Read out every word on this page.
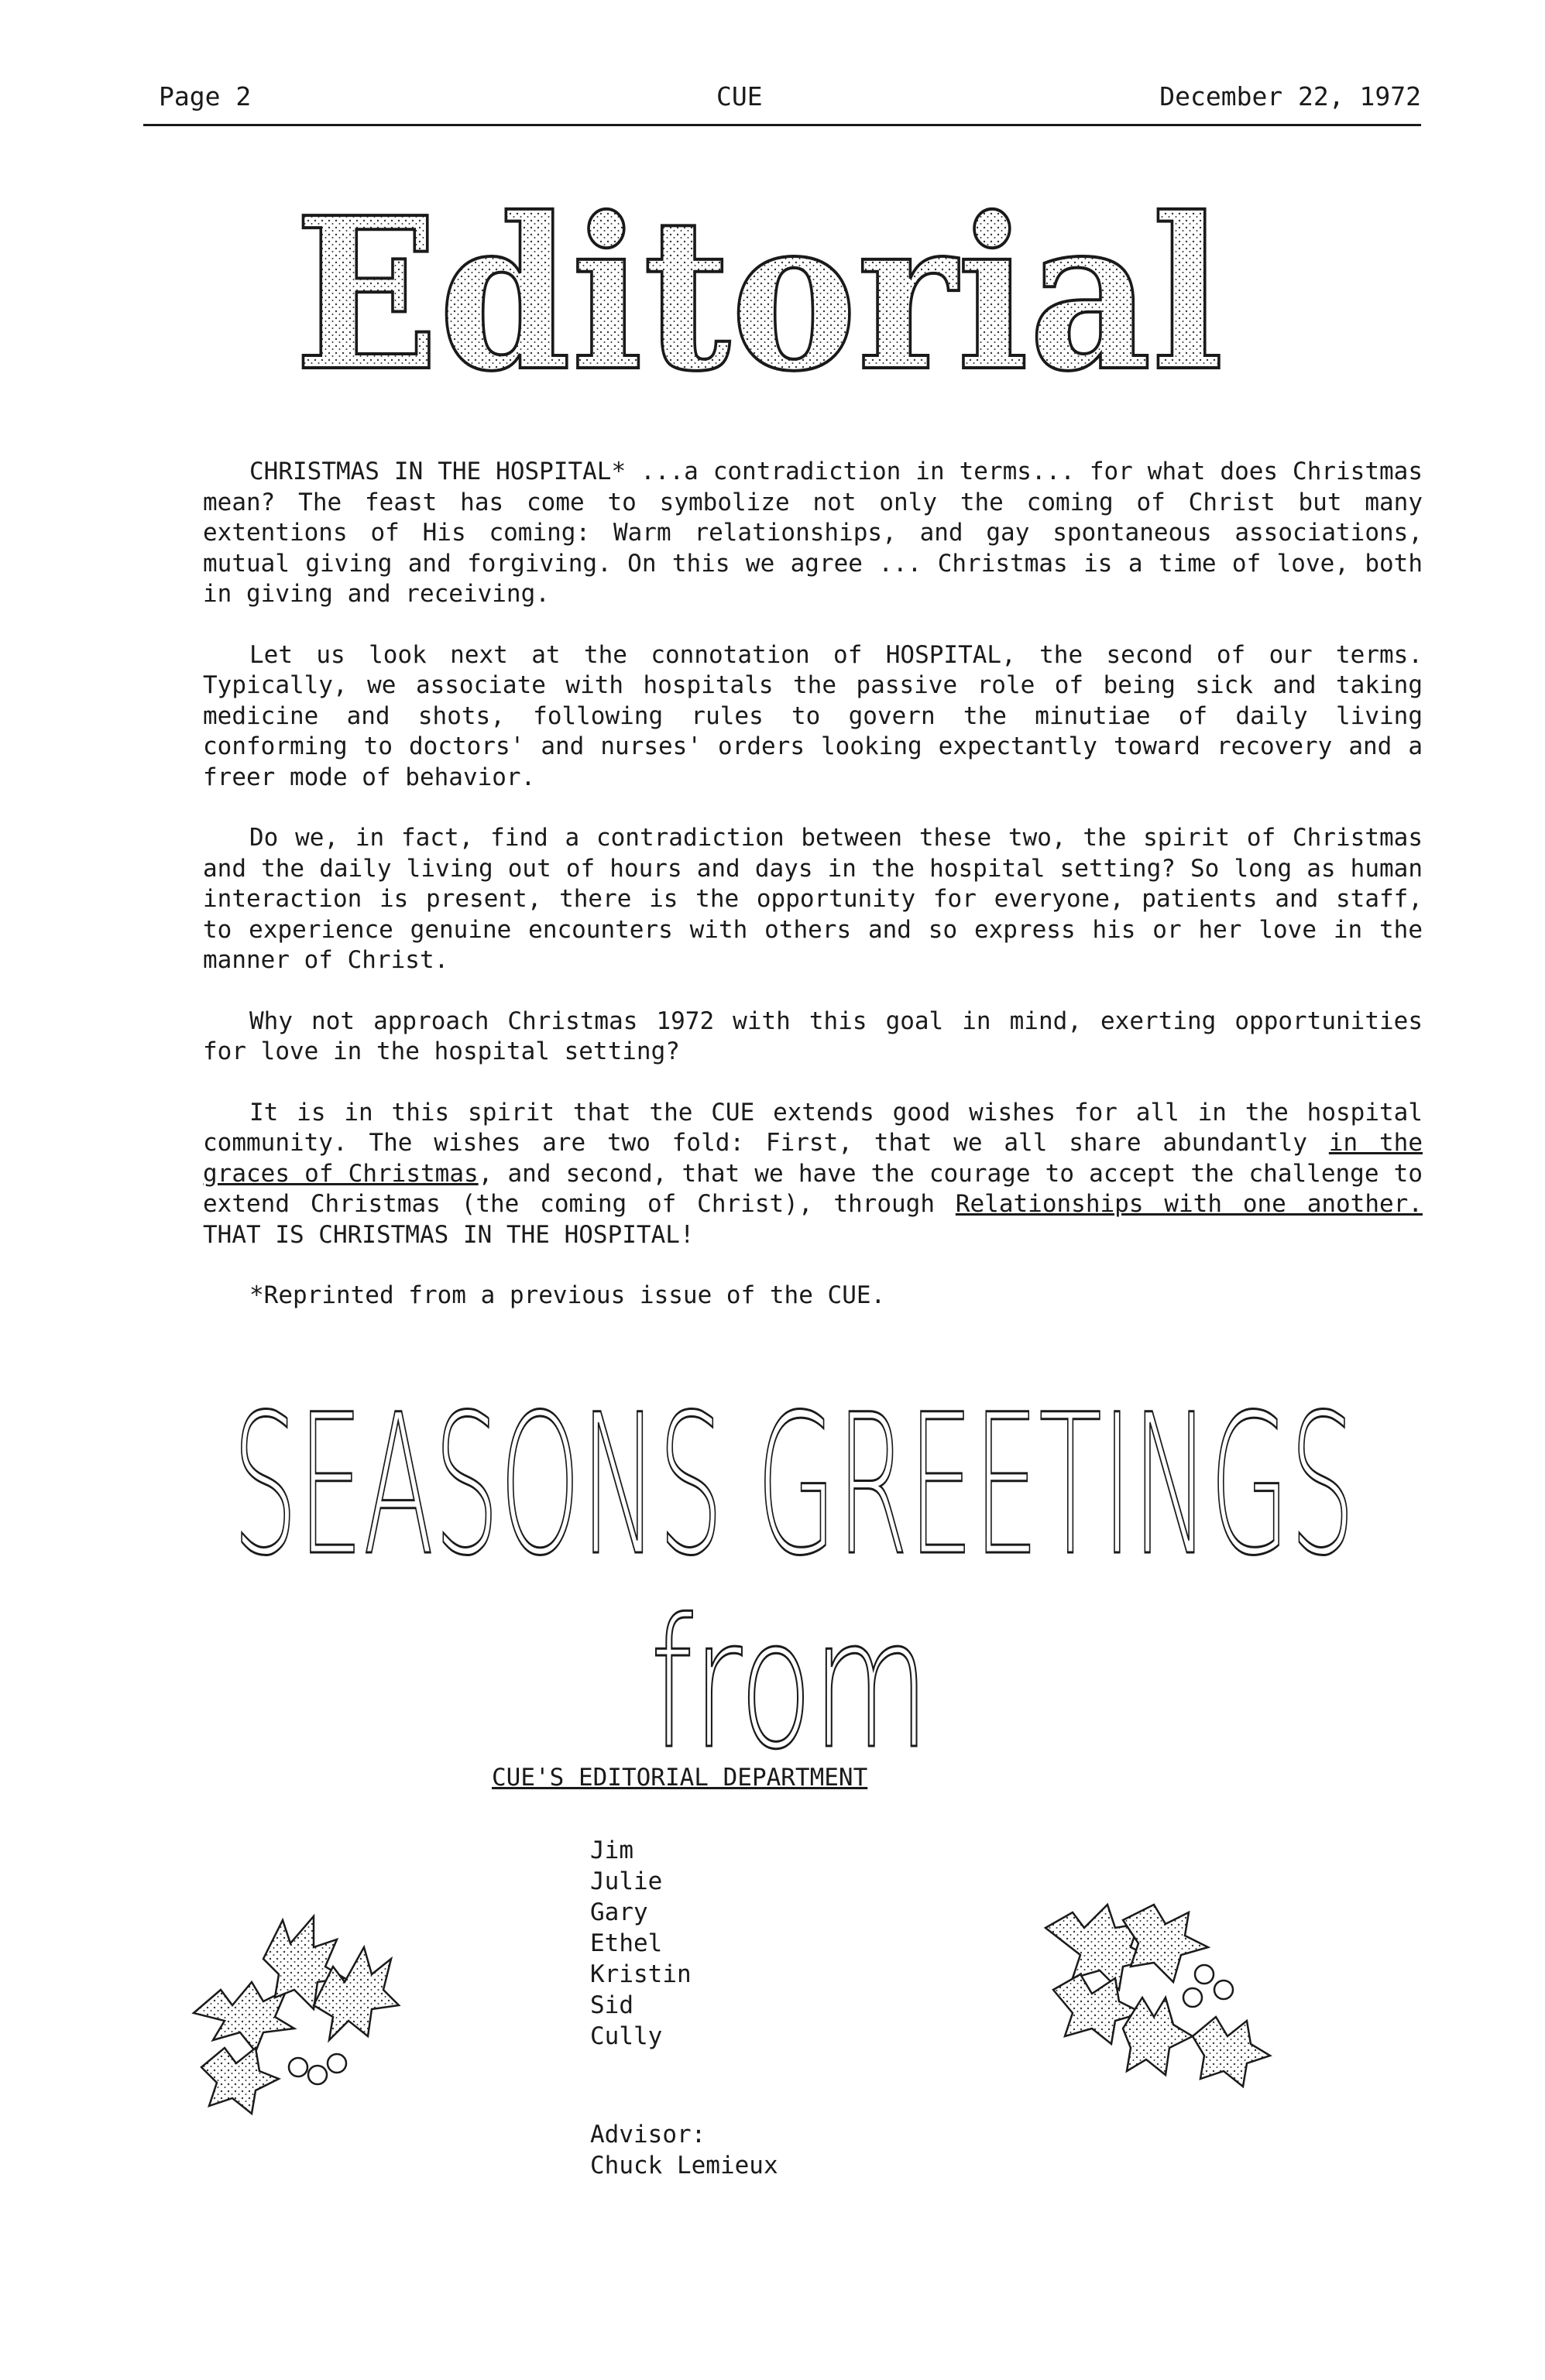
Page 2	CUE	December 22, 1972
Editorial

CHRISTMAS IN THE HOSPITAL* ...a contradiction in terms... for what does Christmas mean? The feast has come to symbolize not only the coming of Christ but many extentions of His coming: Warm relationships, and gay spontaneous associations, mutual giving and forgiving. On this we agree ... Christmas is a time of love, both in giving and receiving.

Let us look next at the connotation of HOSPITAL, the second of our terms. Typically, we associate with hospitals the passive role of being sick and taking medicine and shots, following rules to govern the minutiae of daily living conforming to doctors' and nurses' orders looking expectantly toward recovery and a freer mode of behavior.

Do we, in fact, find a contradiction between these two, the spirit of Christmas and the daily living out of hours and days in the hospital setting? So long as human interaction is present, there is the opportunity for everyone, patients and staff, to experience genuine encounters with others and so express his or her love in the manner of Christ.

Why not approach Christmas 1972 with this goal in mind, exerting opportunities for love in the hospital setting?

It is in this spirit that the CUE extends good wishes for all in the hospital community. The wishes are two fold: First, that we all share abundantly in the graces of Christmas, and second, that we have the courage to accept the challenge to extend Christmas (the coming of Christ), through Relationships with one another. THAT IS CHRISTMAS IN THE HOSPITAL!

*Reprinted from a previous issue of the CUE.

SEASONS GREETINGS
from
CUE'S EDITORIAL DEPARTMENT
Jim
Julie
Gary
Ethel
Kristin
Sid
Cully
Advisor:
Chuck Lemieux
